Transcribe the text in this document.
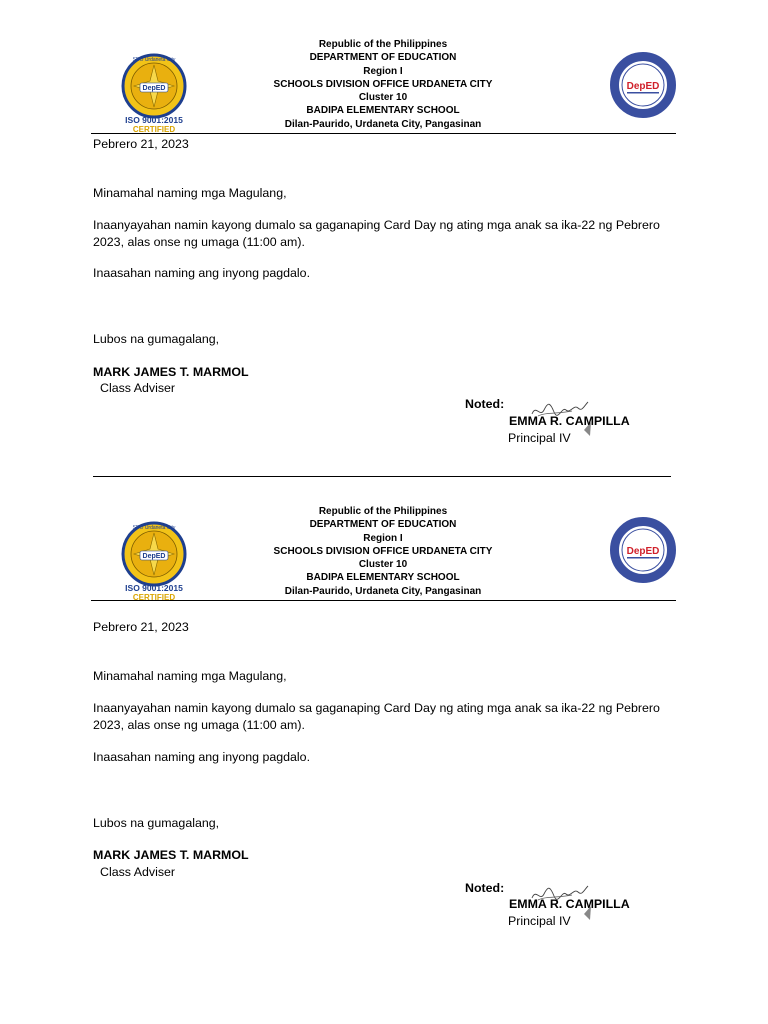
DepED
SDO Urdaneta City
ISO 9001:2015
CERTIFIED
Republic of the Philippines
DEPARTMENT OF EDUCATION
Region I
SCHOOLS DIVISION OFFICE URDANETA CITY
Cluster 10
BADIPA ELEMENTARY SCHOOL
Dilan-Paurido, Urdaneta City, Pangasinan
DepED
Pebrero 21, 2023
Minamahal naming mga Magulang,
Inaanyayahan namin kayong dumalo sa gaganaping Card Day ng ating mga anak sa ika-22 ng Pebrero
2023, alas onse ng umaga (11:00 am).
Inaasahan naming ang inyong pagdalo.
Lubos na gumagalang,
MARK JAMES T. MARMOL
Class Adviser
Noted:
EMMA R. CAMPILLA
Principal IV
DepED
SDO Urdaneta City
ISO 9001:2015
CERTIFIED
Republic of the Philippines
DEPARTMENT OF EDUCATION
Region I
SCHOOLS DIVISION OFFICE URDANETA CITY
Cluster 10
BADIPA ELEMENTARY SCHOOL
Dilan-Paurido, Urdaneta City, Pangasinan
DepED
Pebrero 21, 2023
Minamahal naming mga Magulang,
Inaanyayahan namin kayong dumalo sa gaganaping Card Day ng ating mga anak sa ika-22 ng Pebrero
2023, alas onse ng umaga (11:00 am).
Inaasahan naming ang inyong pagdalo.
Lubos na gumagalang,
MARK JAMES T. MARMOL
Class Adviser
Noted:
EMMA R. CAMPILLA
Principal IV
